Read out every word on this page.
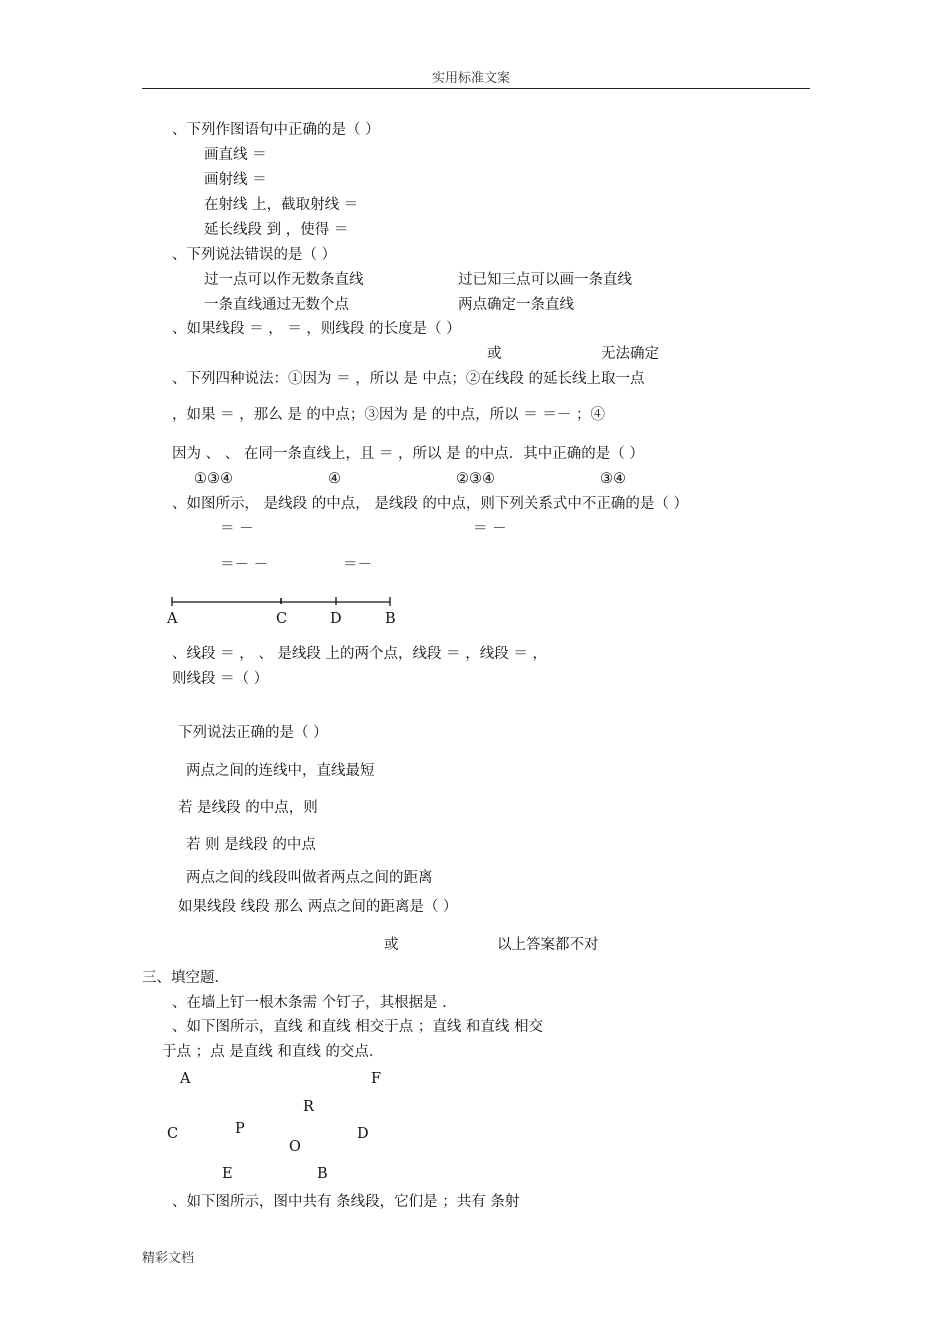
实用标准文案
、下列作图语句中正确的是（ ）
画直线 ＝
画射线 ＝
在射线 上，截取射线 ＝
延长线段 到 ，使得 ＝
、下列说法错误的是（ ）
过一点可以作无数条直线	过已知三点可以画一条直线
一条直线通过无数个点	两点确定一条直线
、如果线段 ＝ ， ＝ ，则线段 的长度是（ ）
或	无法确定
、下列四种说法：①因为 ＝ ，所以 是 中点；②在线段 的延长线上取一点
，如果 ＝ ，那么 是 的中点；③因为 是 的中点，所以 ＝ ＝－ ；④
因为 、 、 在同一条直线上，且 ＝ ，所以 是 的中点．其中正确的是（ ）
①③④	④	②③④	③④
、如图所示， 是线段 的中点， 是线段 的中点，则下列关系式中不正确的是（ ）
＝ －	＝ －
＝－ －	＝－
A	C	D	B
、线段 ＝ ， 、 是线段 上的两个点，线段 ＝ ，线段 ＝ ，
则线段 ＝（ ）
下列说法正确的是（ ）
两点之间的连线中，直线最短
若 是线段 的中点，则
若 则 是线段 的中点
两点之间的线段叫做者两点之间的距离
如果线段 线段 那么 两点之间的距离是（ ）
或	以上答案都不对
三、填空题．
、在墙上钉一根木条需 个钉子，其根据是 ．
、如下图所示，直线 和直线 相交于点 ；直线 和直线 相交
于点 ；点 是直线 和直线 的交点．
A	F
R
C	P	D
O
E	B
、如下图所示，图中共有 条线段，它们是 ；共有 条射
精彩文档
